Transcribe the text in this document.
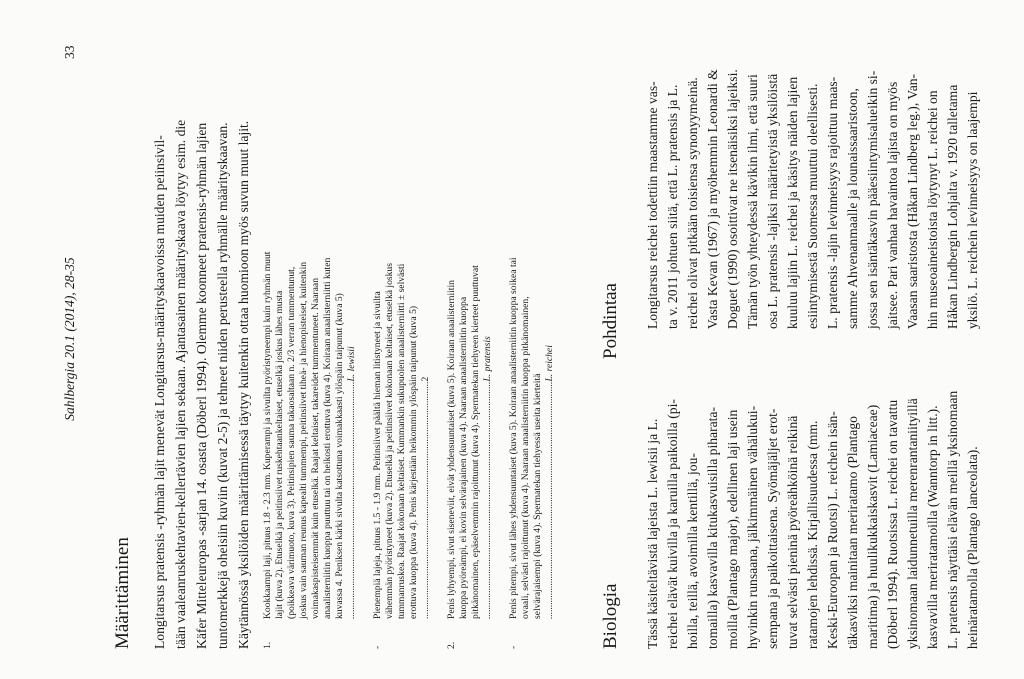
Sahlbergia 20.1 (2014), 28-35
33
Määrittäminen Longitarsus pratensis -ryhmän lajit menevät Longitarsus-määrityskaavoissa muiden peiinsivil- tään vaaleanruskehtavien-kellertävien lajien sekaan. Ajantasainen määrityskaava löytyy esim. die Käfer Mitteleuropas -sarjan 14. osasta (Döberl 1994). Olemme koonneet pratensis-ryhmän lajien tuntomerkkejä oheisiin kuviin (kuvat 2-5) ja tehneet niiden perusteella ryhmälle määrityskaavan. Käytännössä yksilöiden määrittämisessä täytyy kuitenkin ottaa huomioon myös suvun muut lajit. 1.
Kookkaampi laji, pituus 1.8 - 2.3 mm. Kuperampi ja sivuilta pyöristyneempi kuin ryhmän muut lajit (kuva 2). Etuselkä ja peitinsiivet ruskehtaankeltaiset, etuselkä joskus lähes musta (poikkeava värimuoto, kuva 3). Peitinsipien sauma takaosaltaan n. 2/3 verran tummentunut, joskus vain sauman reunus kapealti tummempi, peitinsiivet tiheä- ja hienopisteiset, kuitenkin voimakaspisteisemmät kuin etuselkä. Raajat keltaiset, takareidet tummentuneet. Naaraan anaalisterniitin kuoppa puuttuu tai on heikosti erottuva (kuva 4). Koiraan anaalisterniitti kuten kuvassa 4. Peniksen kärki sivulta katsottuna voimakkaasti ylöspäin taipunut (kuva 5) ...................................................................................................L. lewisii
-
Pienempiä lajeja, pituus 1.5 - 1.9 mm. Peitinsiivet päältä hieman litistyneet ja sivuilta vähemmän pyöristyneet (kuva 2). Etuselkä ja peitinsiivet kokonaan keltaiset, etuselkä joskus tummanruskea. Raajat kokonaan keltaiset. Kummankin sukupuolen anaalisterniitti ± selvästi erottuva kuoppa (kuva 4). Penis kärjestään heikommin ylöspäin taipunut (kuva 5) ...................................................................................................2
2.
Penis lyhyempi, sivut siseneviit, eivät yhdensuuntaiset (kuva 5). Koiraan anaalisterniitin kuoppa pyöreämpi, ei kovin selvärajainen (kuva 4). Naaraan anaalisterniitin kuoppa pitkänomainen, epäselvemmin rajoittunut (kuva 4). Spermatekan tiehyeen kierteet puuttuvat ...................................................................................................L. pratensis
-
Penis pitempi, sivut lähes yhdensuuntaiset (kuva 5). Koiraan anaalisterniitin kuoppa soikea tai ovaali, selvästi rajoittunut (kuva 4). Naaraan anaalisterniitin kuoppa pitkänomainen, selvärajaisempi (kuva 4). Spermatekan tiehyessä useita kierteitä ...................................................................................................L. reichei Biologia
Pohdintaa
Tässä käsiteltävistä lajeista L. lewisii ja L. reichei elävät kuivilla ja karuilla paikoilla (pi- hoilla, teillä, avoimilla kentillä, jou- tomailla) kasvavilla kitukasvuisilla piharata- moilla (Plantago major), edellinen laji usein hyvinkin runsaana, jälkimmäinen vähälukui- sempana ja paikoittaisena. Syömäjäljet erot- tuvat selvästi pieninä pyöreähköinä reikinä ratamojen lehdissä. Kirjallisuudessa (mm. Keski-Euroopan ja Ruotsi) L. reichein isän- täkasviksi mainitaan meriratamo (Plantago maritima) ja huulikukkaiskasvit (Lamiaceae) (Döberl 1994). Ruotsissa L. reichei on tavattu yksinomaan laidunnetuilla merenrantaniityillä kasvavilla meriratamoilla (Wanntorp in litt.). L. pratensis näyttäisi elävän meillä yksinomaan heinäratamolla (Plantago lanceolata).
Longitarsus reichei todettiin maastamme vas- ta v. 2011 johtuen siitä, että L. pratensis ja L. reichei olivat pitkään toisiensa synonyymeinä. Vasta Kevan (1967) ja myöhemmin Leonardi & Doguet (1990) osoittivat ne itsenäisiksi lajeiksi. Tämän työn yhteydessä kävikin ilmi, että suuri osa L. pratensis -lajiksi määritetyistä yksilöistä kuuluu lajiin L. reichei ja käsitys näiden lajien esiintymisestä Suomessa muuttui oleellisesti. L. pratensis -lajin levinneisyys rajoittuu maas- samme Ahvenanmaalle ja lounaissaaristoon, jossa sen isäntäkasvin pääesiintymisalueikin si- jaitsee. Pari vanhaa havaintoa lajista on myös Vaasan saaristosta (Håkan Lindberg leg.), Van- hin museoaineistoista löytynyt L. reichei on Håkan Lindbergin Lohjalta v. 1920 talletama yksilö. L. reichein levinneisyys on laajempi
